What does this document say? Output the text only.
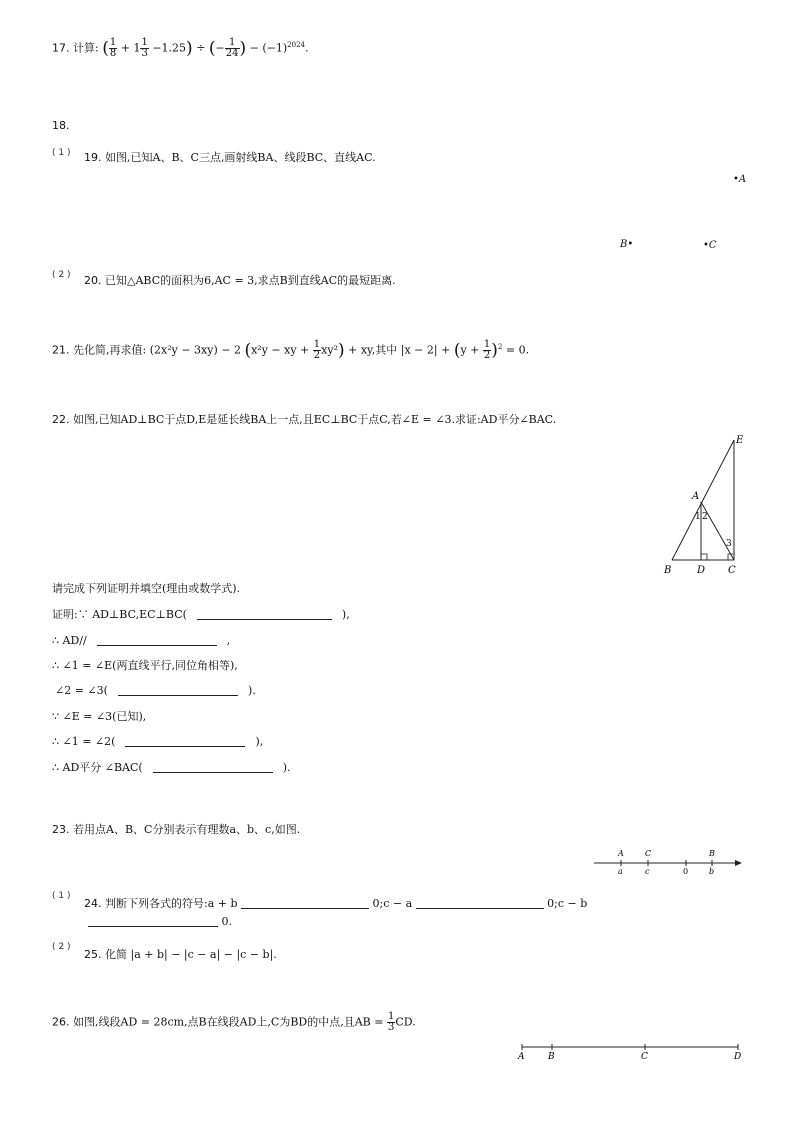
17. 计算: ( $\frac{1}{8} + 1 \frac{1}{3} -1.25$) ÷ (− $\frac{1}{24}$ ) − $(-1)^{2024}$.
18.
( 1 ) 19. 如图,已知A、B、C三点,画射线BA、线段BC、直线AC.
•A
B•	•C
( 2 ) 20. 已知△ABC的面积为6,AC = 3,求点B到直线AC的最短距离.
21. 先化简,再求值: (2x²y − 3xy) − 2 (x²y − xy + $\frac{1}{2} xy^2$) + xy,其中 $|x - 2| + (y + \frac{1}{2} )^2 = 0$.
22. 如图,已知AD⊥BC于点D,E是延长线BA上一点,且EC⊥BC于点C,若∠E = ∠3.求证:AD平分∠BAC.
E
A
B	D C
1 2
3
请完成下列证明并填空(理由或数学式).
证明:∵ AD⊥BC,EC⊥BC(	),
∴ AD//	,
∴ ∠1 = ∠E(两直线平行,同位角相等),
∠2 = ∠3(	).
∵ ∠E = ∠3(已知),
∴ ∠1 = ∠2(	),
∴ AD平分 ∠BAC(	).
23. 若用点A、B、C分别表示有理数a、b、c,如图.
A	C	B
a	c	0	b
( 1 )
24. 判断下列各式的符号:a + b	0;c − a	0;c − b
0.
( 2 )
25. 化简 |a + b| − |c − a| − |c − b|.
26. 如图,线段AD = 28cm,点B在线段AD上,C为BD的中点,且AB = $\frac{1}{3}$ CD.
A	B	C	D
